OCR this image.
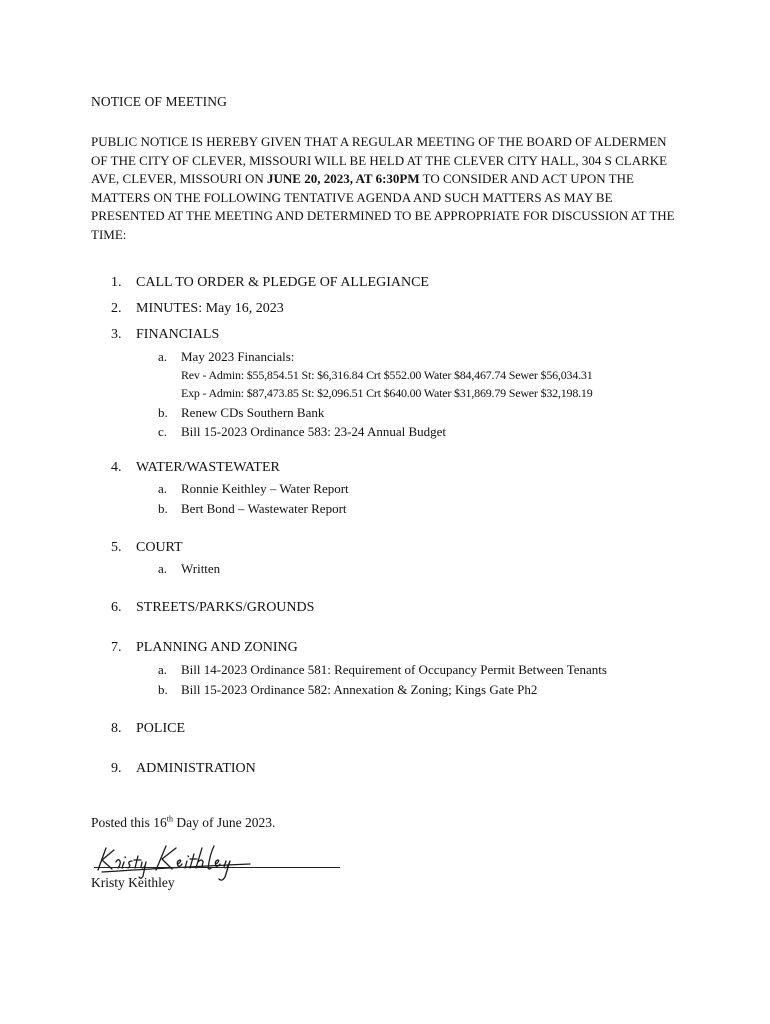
NOTICE OF MEETING
PUBLIC NOTICE IS HEREBY GIVEN THAT A REGULAR MEETING OF THE BOARD OF ALDERMEN OF THE CITY OF CLEVER, MISSOURI WILL BE HELD AT THE CLEVER CITY HALL, 304 S CLARKE AVE, CLEVER, MISSOURI ON JUNE 20, 2023, AT 6:30PM TO CONSIDER AND ACT UPON THE MATTERS ON THE FOLLOWING TENTATIVE AGENDA AND SUCH MATTERS AS MAY BE PRESENTED AT THE MEETING AND DETERMINED TO BE APPROPRIATE FOR DISCUSSION AT THE TIME:
1.	CALL TO ORDER & PLEDGE OF ALLEGIANCE
2.	MINUTES: May 16, 2023
3.	FINANCIALS
a. May 2023 Financials:
Rev - Admin: $55,854.51 St: $6,316.84 Crt $552.00 Water $84,467.74 Sewer $56,034.31
Exp - Admin: $87,473.85 St: $2,096.51 Crt $640.00 Water $31,869.79 Sewer $32,198.19
b. Renew CDs Southern Bank
c. Bill 15-2023 Ordinance 583: 23-24 Annual Budget
4.	WATER/WASTEWATER
a. Ronnie Keithley – Water Report
b. Bert Bond – Wastewater Report
5.	COURT
a. Written
6.	STREETS/PARKS/GROUNDS
7.	PLANNING AND ZONING
a. Bill 14-2023 Ordinance 581: Requirement of Occupancy Permit Between Tenants
b. Bill 15-2023 Ordinance 582: Annexation & Zoning; Kings Gate Ph2
8.	POLICE
9.	ADMINISTRATION
Posted this 16th Day of June 2023.
Kristy Keithley
